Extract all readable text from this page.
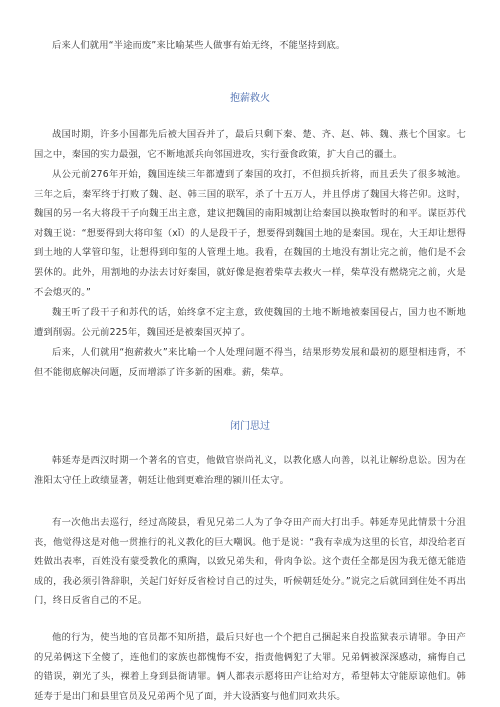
后来人们就用“半途而废”来比喻某些人做事有始无终，不能坚持到底。

抱薪救火

战国时期，许多小国都先后被大国吞并了，最后只剩下秦、楚、齐、赵、韩、魏、燕七个国家。七国之中，秦国的实力最强，它不断地派兵向邻国进攻，实行蚕食政策，扩大自己的疆土。

从公元前276年开始，魏国连续三年都遭到了秦国的攻打，不但损兵折将，而且丢失了很多城池。三年之后，秦军终于打败了魏、赵、韩三国的联军，杀了十五万人，并且俘虏了魏国大将芒卯。这时，魏国的另一名大将段干子向魏王出主意，建议把魏国的南阳城割让给秦国以换取暂时的和平。谋臣苏代对魏王说：“想要得到大将印玺（xǐ）的人是段干子，想要得到魏国土地的是秦国。现在，大王却让想得到土地的人掌管印玺，让想得到印玺的人管理土地。我看，在魏国的土地没有割让完之前，他们是不会罢休的。此外，用割地的办法去讨好秦国，就好像是抱着柴草去救火一样，柴草没有燃烧完之前，火是不会熄灭的。”

魏王听了段干子和苏代的话，始终拿不定主意，致使魏国的土地不断地被秦国侵占，国力也不断地遭到削弱。公元前225年，魏国还是被秦国灭掉了。

后来，人们就用“抱薪救火”来比喻一个人处理问题不得当，结果形势发展和最初的愿望相违背，不但不能彻底解决问题，反而增添了许多新的困难。薪，柴草。

闭门思过

韩延寿是西汉时期一个著名的官吏，他做官崇尚礼义，以教化感人向善，以礼让解纷息讼。因为在淮阳太守任上政绩显著，朝廷让他到更难治理的颍川任太守。

有一次他出去巡行，经过高陵县，看见兄弟二人为了争夺田产而大打出手。韩延寿见此情景十分沮丧，他觉得这是对他一贯推行的礼义教化的巨大嘲讽。他于是说：“我有幸成为这里的长官，却没给老百姓做出表率，百姓没有蒙受教化的熏陶，以致兄弟失和，骨肉争讼。这个责任全都是因为我无德无能造成的，我必须引咎辞职，关起门好好反省检讨自己的过失，听候朝廷处分。”说完之后就回到住处不再出门，终日反省自己的不足。

他的行为，使当地的官员都不知所措，最后只好也一个个把自己捆起来自投监狱表示请罪。争田产的兄弟俩这下全傻了，连他们的家族也都愧悔不安，指责他俩犯了大罪。兄弟俩被深深感动，痛悔自己的错误，剃光了头，裸着上身到县衙请罪。俩人都表示愿将田产让给对方，希望韩太守能原谅他们。韩延寿于是出门和县里官员及兄弟两个见了面，并大设酒宴与他们同欢共乐。
